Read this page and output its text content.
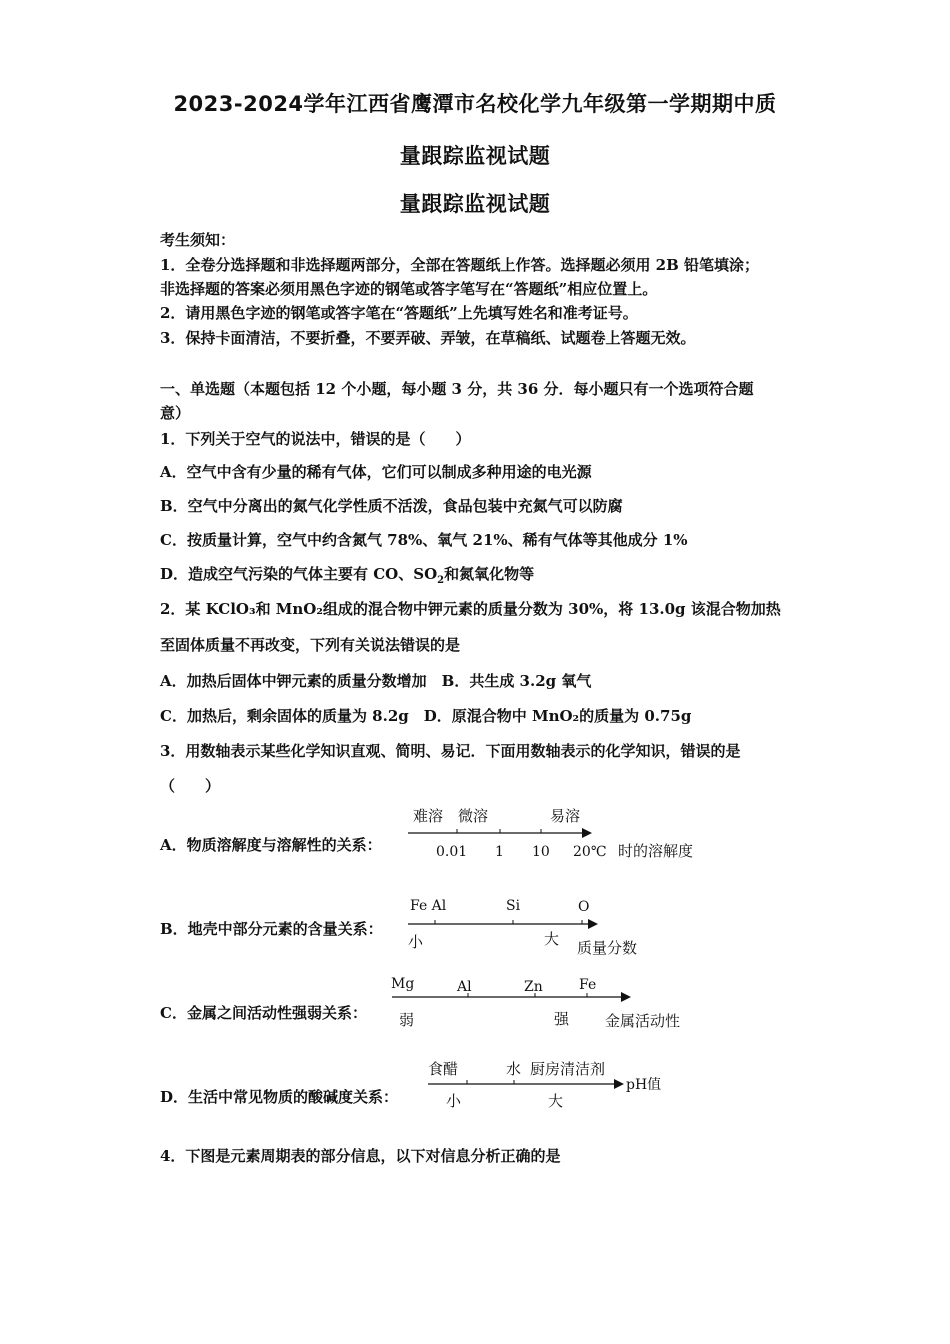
2023-2024学年江西省鹰潭市名校化学九年级第一学期期中质
量跟踪监视试题
量跟踪监视试题
考生须知：
1．全卷分选择题和非选择题两部分，全部在答题纸上作答。选择题必须用 2B 铅笔填涂；
非选择题的答案必须用黑色字迹的钢笔或答字笔写在“答题纸”相应位置上。
2．请用黑色字迹的钢笔或答字笔在“答题纸”上先填写姓名和准考证号。
3．保持卡面清洁，不要折叠，不要弄破、弄皱，在草稿纸、试题卷上答题无效。
一、单选题（本题包括 12 个小题，每小题 3 分，共 36 分．每小题只有一个选项符合题
意）
1．下列关于空气的说法中，错误的是（　　）
A．空气中含有少量的稀有气体，它们可以制成多种用途的电光源
B．空气中分离出的氮气化学性质不活泼，食品包装中充氮气可以防腐
C．按质量计算，空气中约含氮气 78%、氧气 21%、稀有气体等其他成分 1%
D．造成空气污染的气体主要有 CO、$SO_2$和氮氧化物等
2．某 KClO₃和 MnO₂组成的混合物中钾元素的质量分数为 30%，将 13.0g 该混合物加热
至固体质量不再改变，下列有关说法错误的是
A．加热后固体中钾元素的质量分数增加　B．共生成 3.2g 氧气
C．加热后，剩余固体的质量为 8.2g　D．原混合物中 MnO₂的质量为 0.75g
3．用数轴表示某些化学知识直观、简明、易记．下面用数轴表示的化学知识，错误的是
（　　）
A．物质溶解度与溶解性的关系：
难溶 微溶	易溶
0.01 1 10 20℃ 时的溶解度
B．地壳中部分元素的含量关系：
Fe Al	Si	O
小	大 质量分数
C．金属之间活动性强弱关系：
Mg	Al	Zn	Fe
弱	强 金属活动性
D．生活中常见物质的酸碱度关系：
食醋	水 厨房清洁剂
小	大
pH值
4．下图是元素周期表的部分信息，以下对信息分析正确的是
